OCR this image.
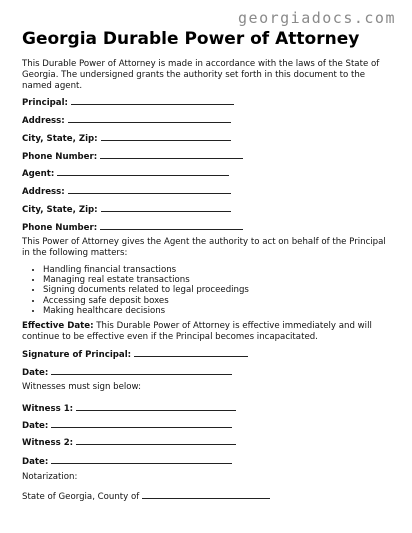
georgiadocs.com
Georgia Durable Power of Attorney
This Durable Power of Attorney is made in accordance with the laws of the State of Georgia. The undersigned grants the authority set forth in this document to the named agent.
Principal:
Address:
City, State, Zip:
Phone Number:
Agent:
Address:
City, State, Zip:
Phone Number:
This Power of Attorney gives the Agent the authority to act on behalf of the Principal in the following matters:
• Handling financial transactions
• Managing real estate transactions
• Signing documents related to legal proceedings
• Accessing safe deposit boxes
• Making healthcare decisions
Effective Date: This Durable Power of Attorney is effective immediately and will continue to be effective even if the Principal becomes incapacitated.
Signature of Principal:
Date:
Witnesses must sign below:
Witness 1:
Date:
Witness 2:
Date:
Notarization:
State of Georgia, County of
